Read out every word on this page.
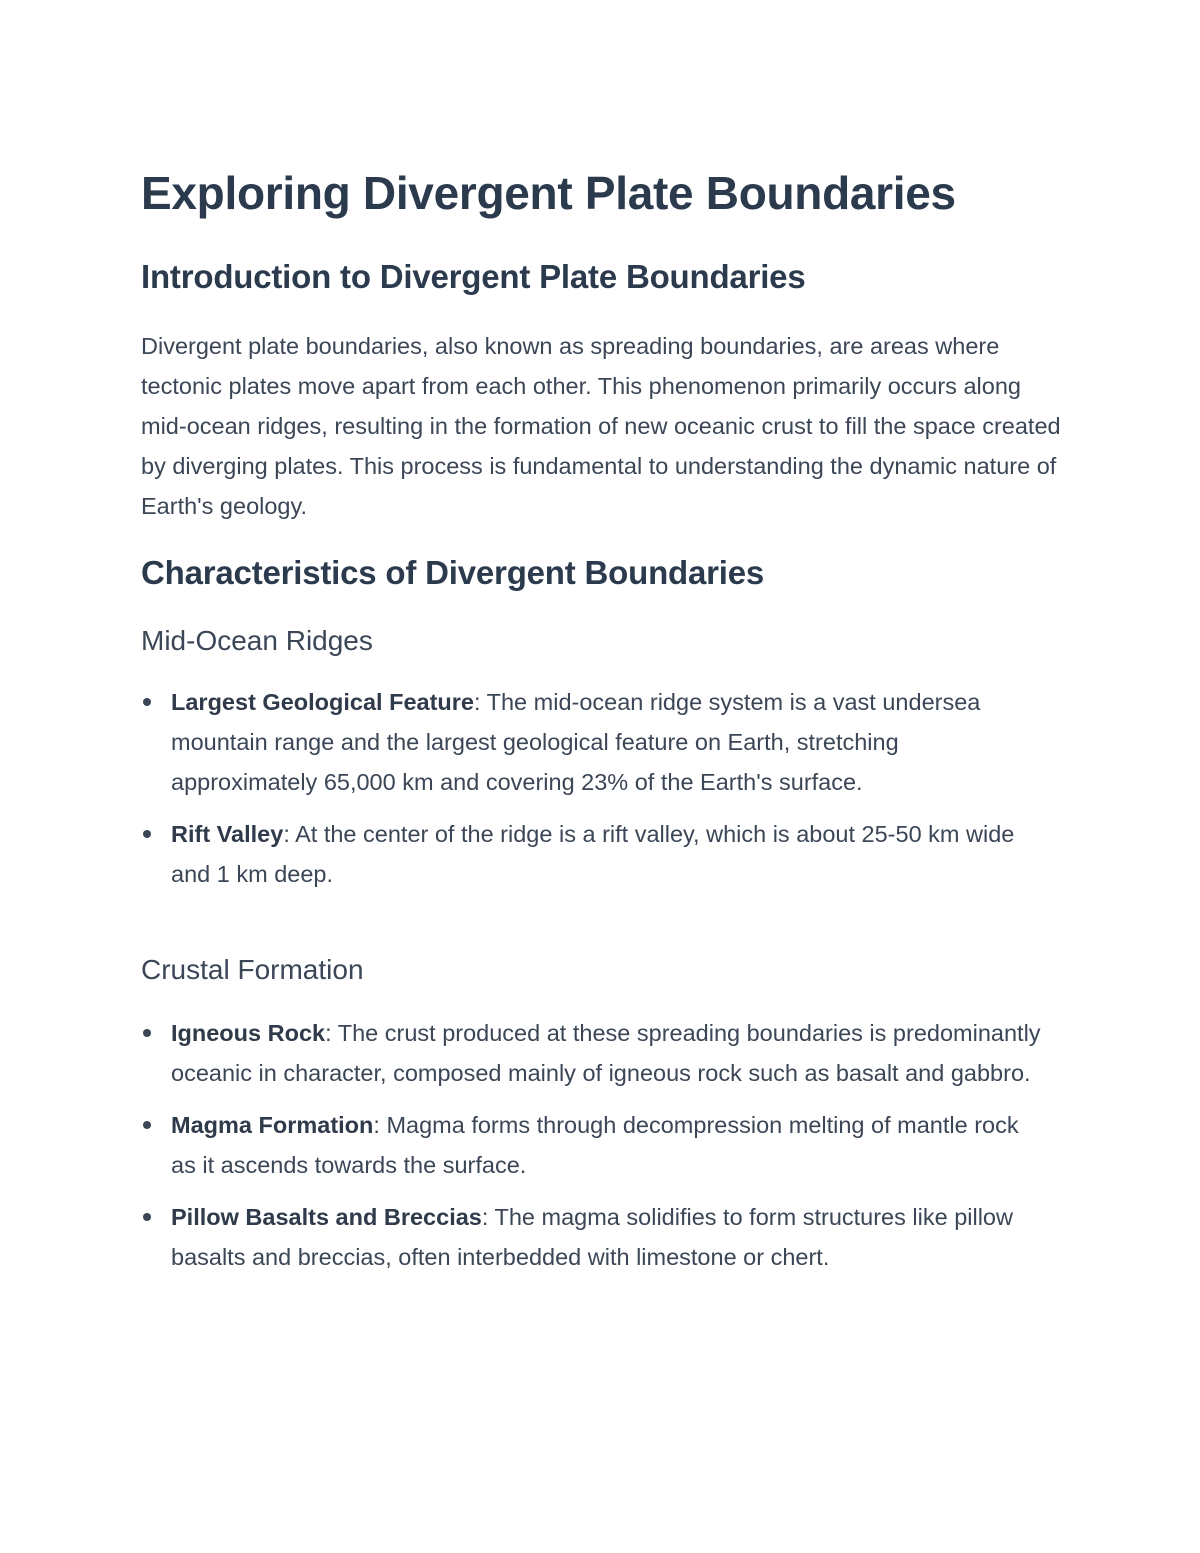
Exploring Divergent Plate Boundaries
Introduction to Divergent Plate Boundaries

Divergent plate boundaries, also known as spreading boundaries, are areas where tectonic plates move apart from each other. This phenomenon primarily occurs along mid-ocean ridges, resulting in the formation of new oceanic crust to fill the space created by diverging plates. This process is fundamental to understanding the dynamic nature of Earth's geology.

Characteristics of Divergent Boundaries
Mid-Ocean Ridges
Largest Geological Feature: The mid-ocean ridge system is a vast undersea mountain range and the largest geological feature on Earth, stretching approximately 65,000 km and covering 23% of the Earth's surface.
Rift Valley: At the center of the ridge is a rift valley, which is about 25-50 km wide and 1 km deep.
Crustal Formation
Igneous Rock: The crust produced at these spreading boundaries is predominantly oceanic in character, composed mainly of igneous rock such as basalt and gabbro.
Magma Formation: Magma forms through decompression melting of mantle rock as it ascends towards the surface.
Pillow Basalts and Breccias: The magma solidifies to form structures like pillow basalts and breccias, often interbedded with limestone or chert.
